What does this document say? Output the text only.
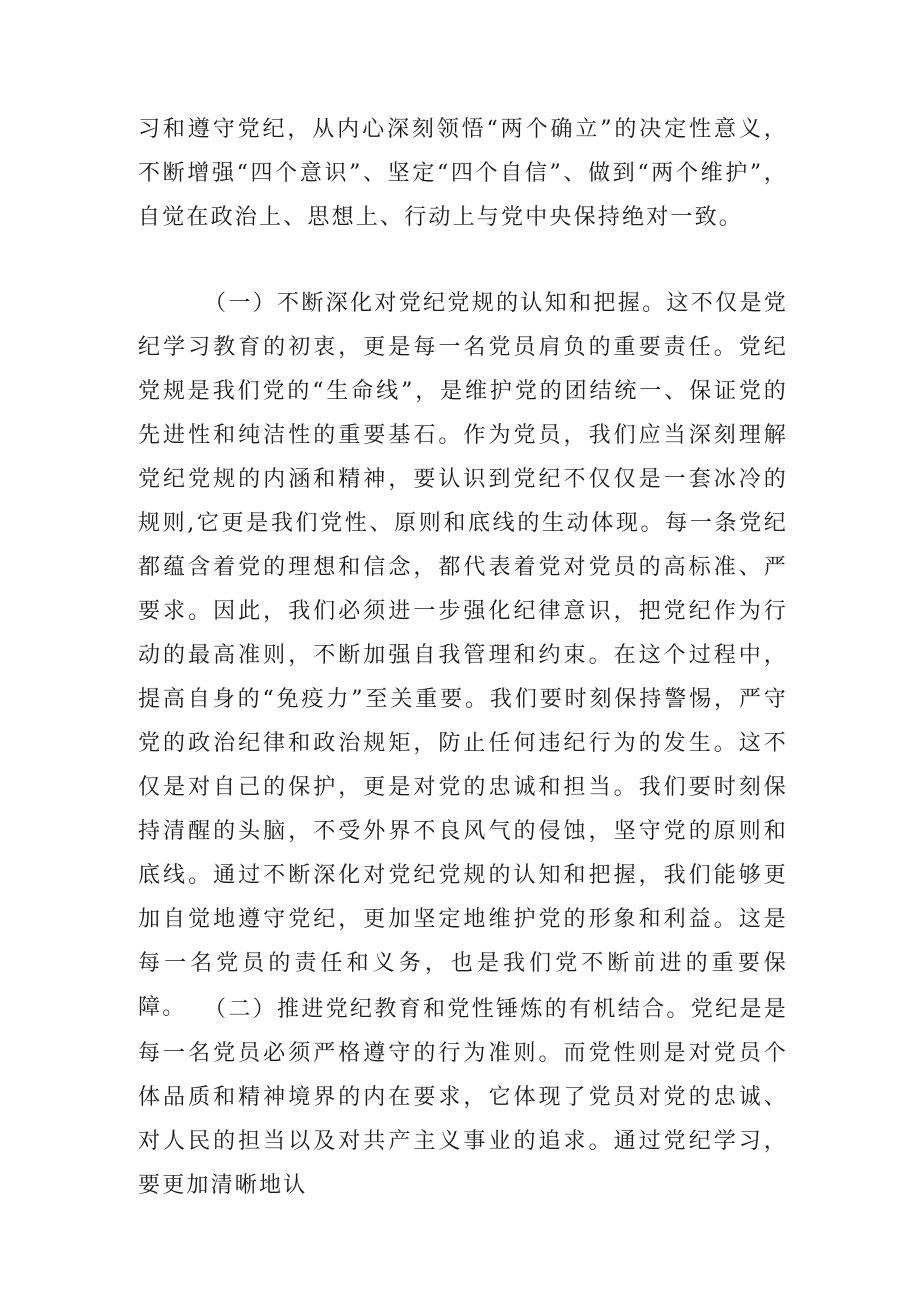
习和遵守党纪，从内心深刻领悟“两个确立”的决定性意义，不断增强“四个意识”、坚定“四个自信”、做到“两个维护”，自觉在政治上、思想上、行动上与党中央保持绝对一致。

（一）不断深化对党纪党规的认知和把握。这不仅是党纪学习教育的初衷，更是每一名党员肩负的重要责任。党纪党规是我们党的“生命线”，是维护党的团结统一、保证党的先进性和纯洁性的重要基石。作为党员，我们应当深刻理解党纪党规的内涵和精神，要认识到党纪不仅仅是一套冰冷的规则,它更是我们党性、原则和底线的生动体现。每一条党纪都蕴含着党的理想和信念，都代表着党对党员的高标准、严要求。因此，我们必须进一步强化纪律意识，把党纪作为行动的最高准则，不断加强自我管理和约束。在这个过程中，提高自身的“免疫力”至关重要。我们要时刻保持警惕，严守党的政治纪律和政治规矩，防止任何违纪行为的发生。这不仅是对自己的保护，更是对党的忠诚和担当。我们要时刻保持清醒的头脑，不受外界不良风气的侵蚀，坚守党的原则和底线。通过不断深化对党纪党规的认知和把握，我们能够更加自觉地遵守党纪，更加坚定地维护党的形象和利益。这是每一名党员的责任和义务，也是我们党不断前进的重要保障。 （二）推进党纪教育和党性锤炼的有机结合。党纪是是每一名党员必须严格遵守的行为准则。而党性则是对党员个体品质和精神境界的内在要求，它体现了党员对党的忠诚、对人民的担当以及对共产主义事业的追求。通过党纪学习，要更加清晰地认
